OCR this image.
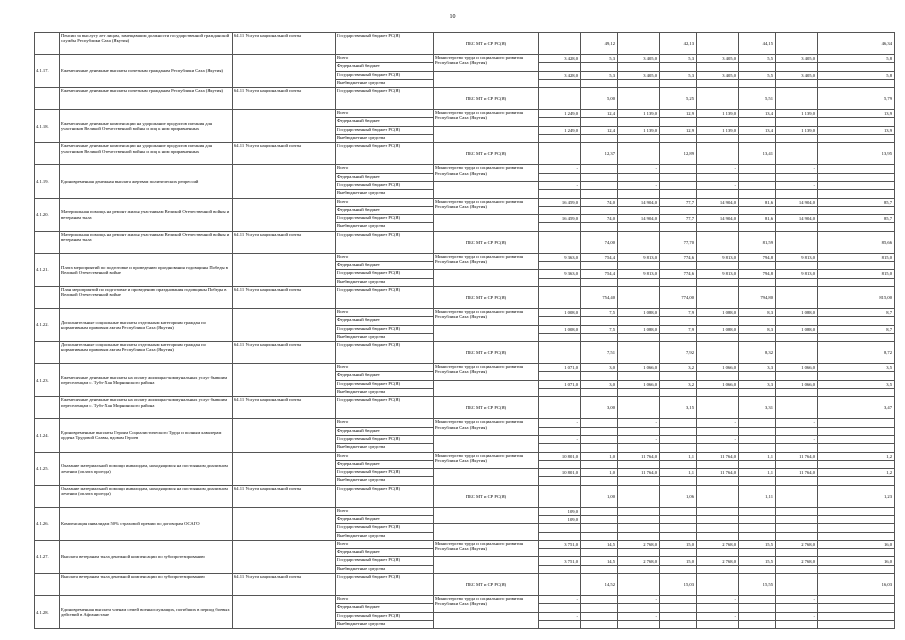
10
	Пенсии за выслугу лет лицам, замещавшим должности государственной гражданской службы Республики Саха (Якутия)	64.11 Услуги национальной почты	Государственный бюджет РС(Я)	ПБС МТ и СР РС(Я)		49,12		42,13		44,15		46,34
4.1.17.	Ежемесячные денежные выплаты почетным гражданам Республики Саха (Якутия)		Всего	Министерство труда и социального развития Республики Саха (Якутия)	3 428,0	5,3	3 405,0	5,3	3 405,0	5,5	3 405,0	5,8
			Федеральный бюджет									
			Государственный бюджет РС(Я)		3 428,0	5,3	3 405,0	5,3	3 405,0	5,5	3 405,0	5,8
			Внебюджетные средства									
	Ежемесячные денежные выплаты почетным гражданам Республики Саха (Якутия)	64.11 Услуги национальной почты	Государственный бюджет РС(Я)	ПБС МТ и СР РС(Я)		5,00		5,25		5,51		5,79
4.1.18.	Ежемесячные денежные компенсации на удорожание продуктов питания для участников Великой Отечественной войны и лиц к ним приравненных		Всего	Министерство труда и социального развития Республики Саха (Якутия)	1 249,0	12,4	1 139,0	12,9	1 139,0	13,4	1 139,0	13,9
			Федеральный бюджет									
			Государственный бюджет РС(Я)		1 249,0	12,4	1 139,0	12,9	1 139,0	13,4	1 139,0	13,9
			Внебюджетные средства									
	Ежемесячные денежные компенсации на удорожание продуктов питания для участников Великой Отечественной войны и лиц к ним приравненных	64.11 Услуги национальной почты	Государственный бюджет РС(Я)	ПБС МТ и СР РС(Я)		12,37		12,89		13,41		13,95
4.1.19.	Единовременная денежная выплата жертвам политических репрессий		Всего	Министерство труда и социального развития Республики Саха (Якутия)	-		-		-		-	
			Федеральный бюджет									
			Государственный бюджет РС(Я)		-		-		-		-	
			Внебюджетные средства									
4.1.20.	Материальная помощь на ремонт жилья участникам Великой Отечественной войны и ветеранам тыла		Всего	Министерство труда и социального развития Республики Саха (Якутия)	16 459,0	74,0	14 904,0	77,7	14 904,0	81,6	14 904,0	85,7
			Федеральный бюджет									
			Государственный бюджет РС(Я)		16 459,0	74,0	14 904,0	77,7	14 904,0	81,6	14 904,0	85,7
			Внебюджетные средства									
	Материальная помощь на ремонт жилья участникам Великой Отечественной войны и ветеранам тыла	64.11 Услуги национальной почты	Государственный бюджет РС(Я)	ПБС МТ и СР РС(Я)		74,00		77,70		81,59		85,66
4.1.21.	Плата мероприятий по подготовке и проведению празднования годовщины Победы в Великой Отечественной войне		Всего	Министерство труда и социального развития Республики Саха (Якутия)	9 363,0	754,4	9 813,0	774,6	9 813,0	794,8	9 813,0	815,0
			Федеральный бюджет									
			Государственный бюджет РС(Я)		9 363,0	754,4	9 813,0	774,6	9 813,0	794,8	9 813,0	815,0
			Внебюджетные средства									
	План мероприятий по подготовке и проведению празднования годовщины Победы в Великой Отечественной войне	64.11 Услуги национальной почты	Государственный бюджет РС(Я)	ПБС МТ и СР РС(Я)		754,40		774,00		794,80		815,00
4.1.22.	Дополнительные социальные выплаты отдельным категориям граждан по нормативным правовым актам Республики Саха (Якутия)		Всего	Министерство труда и социального развития Республики Саха (Якутия)	1 008,0	7,5	1 088,0	7,9	1 088,0	8,3	1 088,0	8,7
			Федеральный бюджет									
			Государственный бюджет РС(Я)		1 008,0	7,5	1 088,0	7,9	1 088,0	8,3	1 088,0	8,7
			Внебюджетные средства									
	Дополнительные социальные выплаты отдельным категориям граждан по нормативным правовым актам Республики Саха (Якутия)	64.11 Услуги национальной почты	Государственный бюджет РС(Я)	ПБС МТ и СР РС(Я)		7,51		7,92		8,32		8,72
4.1.23.	Ежемесячные денежные выплаты на оплату жилищно-коммунальных услуг бывшим переселенцам с. Тубэ-Хая Мирнинского района		Всего	Министерство труда и социального развития Республики Саха (Якутия)	1 071,0	3,0	1 066,0	3,2	1 066,0	3,3	1 066,0	3,5
			Федеральный бюджет									
			Государственный бюджет РС(Я)		1 071,0	3,0	1 066,0	3,2	1 066,0	3,3	1 066,0	3,5
			Внебюджетные средства									
	Ежемесячные денежные выплаты на оплату жилищно-коммунальных услуг бывшим переселенцам с. Тубэ-Хая Мирнинского района	64.11 Услуги национальной почты	Государственный бюджет РС(Я)	ПБС МТ и СР РС(Я)		3,00		3,15		3,31		3,47
4.1.24.	Единовременные выплаты Героям Социалистического Труда и полным кавалерам ордена Трудовой Славы, вдовам Героев		Всего	Министерство труда и социального развития Республики Саха (Якутия)	-		-		-		-	
			Федеральный бюджет									
			Государственный бюджет РС(Я)		-		-		-		-	
			Внебюджетные средства									
4.1.25.	Оказание материальной помощи инвалидам, находящимся на постоянном диализном лечении (оплата проезда)		Всего	Министерство труда и социального развития Республики Саха (Якутия)	10 801,0	1,0	11 764,0	1,1	11 764,0	1,1	11 764,0	1,2
			Федеральный бюджет									
			Государственный бюджет РС(Я)		10 801,0	1,0	11 764,0	1,1	11 764,0	1,1	11 764,0	1,2
			Внебюджетные средства									
	Оказание материальной помощи инвалидам, находящимся на постоянном диализном лечении (оплата проезда)	64.11 Услуги национальной почты	Государственный бюджет РС(Я)	ПБС МТ и СР РС(Я)		1,00		1,06		1,11		1,23
4.1.26.	Компенсация инвалидам 50% страховой премии по договорам ОСАГО		Всего		109,0							
			Федеральный бюджет		109,0							
			Государственный бюджет РС(Я)									
			Внебюджетные средства									
4.1.27.	Выплата ветеранам тыла денежной компенсации по зубопротезированию		Всего	Министерство труда и социального развития Республики Саха (Якутия)	3 751,0	14,5	2 768,0	15,0	2 768,0	15,5	2 768,0	16,0
			Федеральный бюджет									
			Государственный бюджет РС(Я)		3 751,0	14,5	2 768,0	15,0	2 768,0	15,5	2 768,0	16,0
			Внебюджетные средства									
	Выплата ветеранам тыла денежной компенсации по зубопротезированию	64.11 Услуги национальной почты	Государственный бюджет РС(Я)	ПБС МТ и СР РС(Я)		14,52		15,03		15,55		16,03
4.1.28.	Единовременная выплата членам семей военнослужащих, погибших в период боевых действий в Афганистане		Всего	Министерство труда и социального развития Республики Саха (Якутия)	-		-		-		-	
			Федеральный бюджет									
			Государственный бюджет РС(Я)		-		-		-		-	
			Внебюджетные средства									
